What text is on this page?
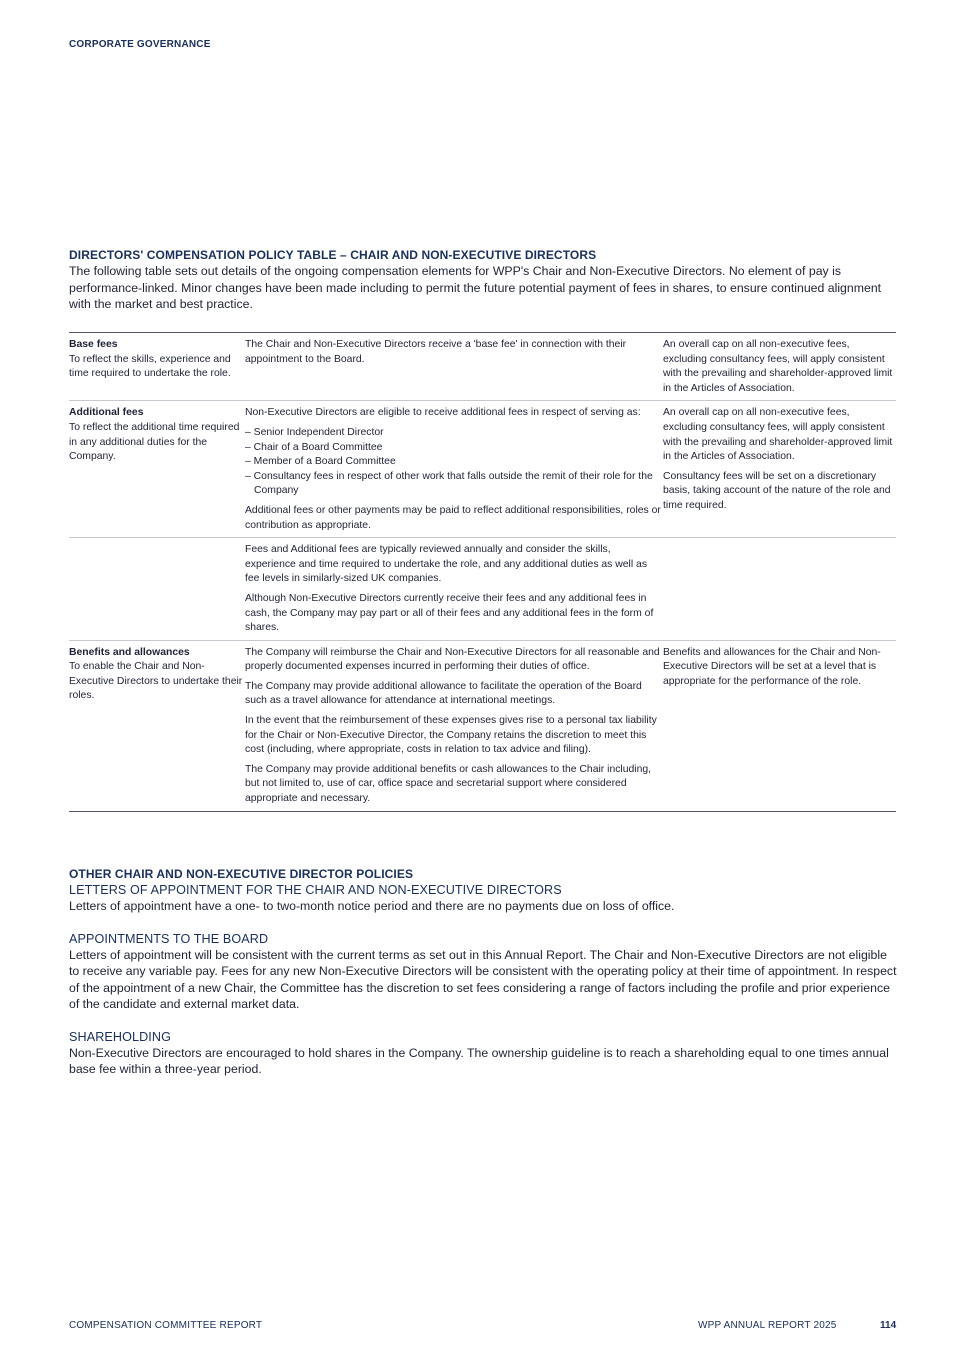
CORPORATE GOVERNANCE

DIRECTORS' COMPENSATION POLICY TABLE – CHAIR AND NON-EXECUTIVE DIRECTORS

The following table sets out details of the ongoing compensation elements for WPP's Chair and Non-Executive Directors. No element of pay is performance-linked. Minor changes have been made including to permit the future potential payment of fees in shares, to ensure continued alignment with the market and best practice.

Base fees

To reflect the skills, experience and time required to undertake the role.

The Chair and Non-Executive Directors receive a 'base fee' in connection with their appointment to the Board.

An overall cap on all non-executive fees, excluding consultancy fees, will apply consistent with the prevailing and shareholder-approved limit in the Articles of Association.

Additional fees

To reflect the additional time required in any additional duties for the Company.

Non-Executive Directors are eligible to receive additional fees in respect of serving as:

– Senior Independent Director
– Chair of a Board Committee
– Member of a Board Committee
– Consultancy fees in respect of other work that falls outside the remit of their role for the Company

Additional fees or other payments may be paid to reflect additional responsibilities, roles or contribution as appropriate.

An overall cap on all non-executive fees, excluding consultancy fees, will apply consistent with the prevailing and shareholder-approved limit in the Articles of Association.

Consultancy fees will be set on a discretionary basis, taking account of the nature of the role and time required.

Fees and Additional fees are typically reviewed annually and consider the skills, experience and time required to undertake the role, and any additional duties as well as fee levels in similarly-sized UK companies.

Although Non-Executive Directors currently receive their fees and any additional fees in cash, the Company may pay part or all of their fees and any additional fees in the form of shares.

Benefits and allowances

To enable the Chair and Non-Executive Directors to undertake their roles.

The Company will reimburse the Chair and Non-Executive Directors for all reasonable and properly documented expenses incurred in performing their duties of office.

The Company may provide additional allowance to facilitate the operation of the Board such as a travel allowance for attendance at international meetings.

In the event that the reimbursement of these expenses gives rise to a personal tax liability for the Chair or Non-Executive Director, the Company retains the discretion to meet this cost (including, where appropriate, costs in relation to tax advice and filing).

The Company may provide additional benefits or cash allowances to the Chair including, but not limited to, use of car, office space and secretarial support where considered appropriate and necessary.

Benefits and allowances for the Chair and Non-Executive Directors will be set at a level that is appropriate for the performance of the role.

OTHER CHAIR AND NON-EXECUTIVE DIRECTOR POLICIES

LETTERS OF APPOINTMENT FOR THE CHAIR AND NON-EXECUTIVE DIRECTORS

Letters of appointment have a one- to two-month notice period and there are no payments due on loss of office.

APPOINTMENTS TO THE BOARD

Letters of appointment will be consistent with the current terms as set out in this Annual Report. The Chair and Non-Executive Directors are not eligible to receive any variable pay. Fees for any new Non-Executive Directors will be consistent with the operating policy at their time of appointment. In respect of the appointment of a new Chair, the Committee has the discretion to set fees considering a range of factors including the profile and prior experience of the candidate and external market data.

SHAREHOLDING

Non-Executive Directors are encouraged to hold shares in the Company. The ownership guideline is to reach a shareholding equal to one times annual base fee within a three-year period.

COMPENSATION COMMITTEE REPORT	WPP ANNUAL REPORT 2025	114
